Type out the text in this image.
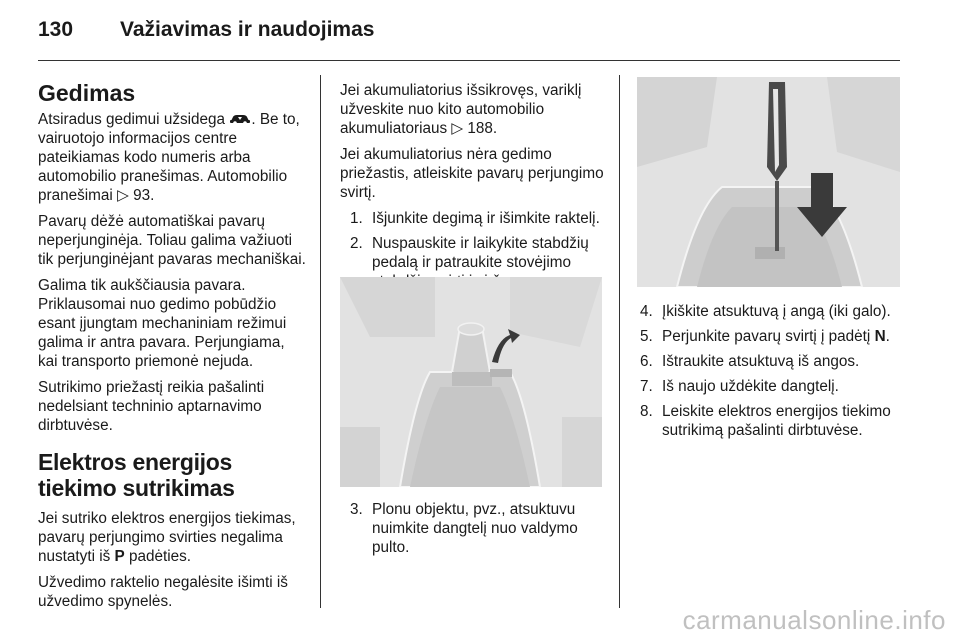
130 Važiavimas ir naudojimas
Gedimas

Atsiradus gedimui užsidega . Be to, vairuotojo informacijos centre pateikiamas kodo numeris arba automobilio pranešimas. Automobilio pranešimai ▷ 93.

Pavarų dėžė automatiškai pavarų neperjunginėja. Toliau galima važiuoti tik perjunginėjant pavaras mechaniškai.

Galima tik aukščiausia pavara. Priklausomai nuo gedimo pobūdžio esant įjungtam mechaniniam režimui galima ir antra pavara. Perjungiama, kai transporto priemonė nejuda.

Sutrikimo priežastį reikia pašalinti nedelsiant techninio aptarnavimo dirbtuvėse.

Elektros energijos tiekimo sutrikimas

Jei sutriko elektros energijos tiekimas, pavarų perjungimo svirties negalima nustatyti iš P padėties.

Užvedimo raktelio negalėsite išimti iš užvedimo spynelės.

Jei akumuliatorius išsikrovęs, variklį užveskite nuo kito automobilio akumuliatoriaus ▷ 188.

Jei akumuliatorius nėra gedimo priežastis, atleiskite pavarų perjungimo svirtį.

1. Išjunkite degimą ir išimkite raktelį.
2. Nuspauskite ir laikykite stabdžių pedalą ir patraukite stovėjimo
3. Plonu objektu, pvz., atsuktuvu nuimkite dangtelį nuo valdymo pulto.
4. Įkiškite atsuktuvą į angą (iki galo).
5. Perjunkite pavarų svirtį į padėtį N.
6. Ištraukite atsuktuvą iš angos.
7. Iš naujo uždėkite dangtelį.
8. Leiskite elektros energijos tiekimo sutrikimą pašalinti dirbtuvėse.
carmanualsonline.info
